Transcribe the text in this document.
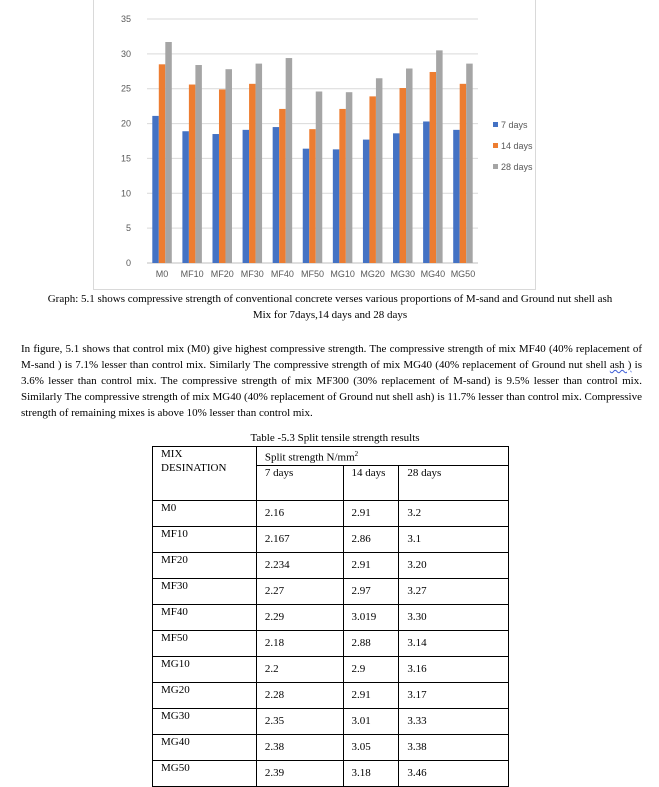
0
5
10
15
20
25
30
35
M0 MF10 MF20 MF30 MF40 MF50 MG10 MG20 MG30 MG40 MG50
7 days
14 days
28 days
Graph: 5.1 shows compressive strength of conventional concrete verses various proportions of M-sand and Ground nut shell ash
Mix for 7days,14 days and 28 days
In figure, 5.1 shows that control mix (M0) give highest compressive strength. The compressive strength of mix MF40 (40% replacement of M-sand ) is 7.1% lesser than control mix. Similarly The compressive strength of mix MG40 (40% replacement of Ground nut shell ash ) is 3.6% lesser than control mix. The compressive strength of mix MF300 (30% replacement of M-sand) is 9.5% lesser than control mix. Similarly The compressive strength of mix MG40 (40% replacement of Ground nut shell ash) is 11.7% lesser than control mix. Compressive strength of remaining mixes is above 10% lesser than control mix.
Table -5.3 Split tensile strength results
MIX
DESINATION	Split strength $N/mm^2$
	7 days	14 days	28 days
M0	2.16	2.91	3.2
MF10	2.167	2.86	3.1
MF20	2.234	2.91	3.20
MF30	2.27	2.97	3.27
MF40	2.29	3.019	3.30
MF50	2.18	2.88	3.14
MG10	2.2	2.9	3.16
MG20	2.28	2.91	3.17
MG30	2.35	3.01	3.33
MG40	2.38	3.05	3.38
MG50	2.39	3.18	3.46
